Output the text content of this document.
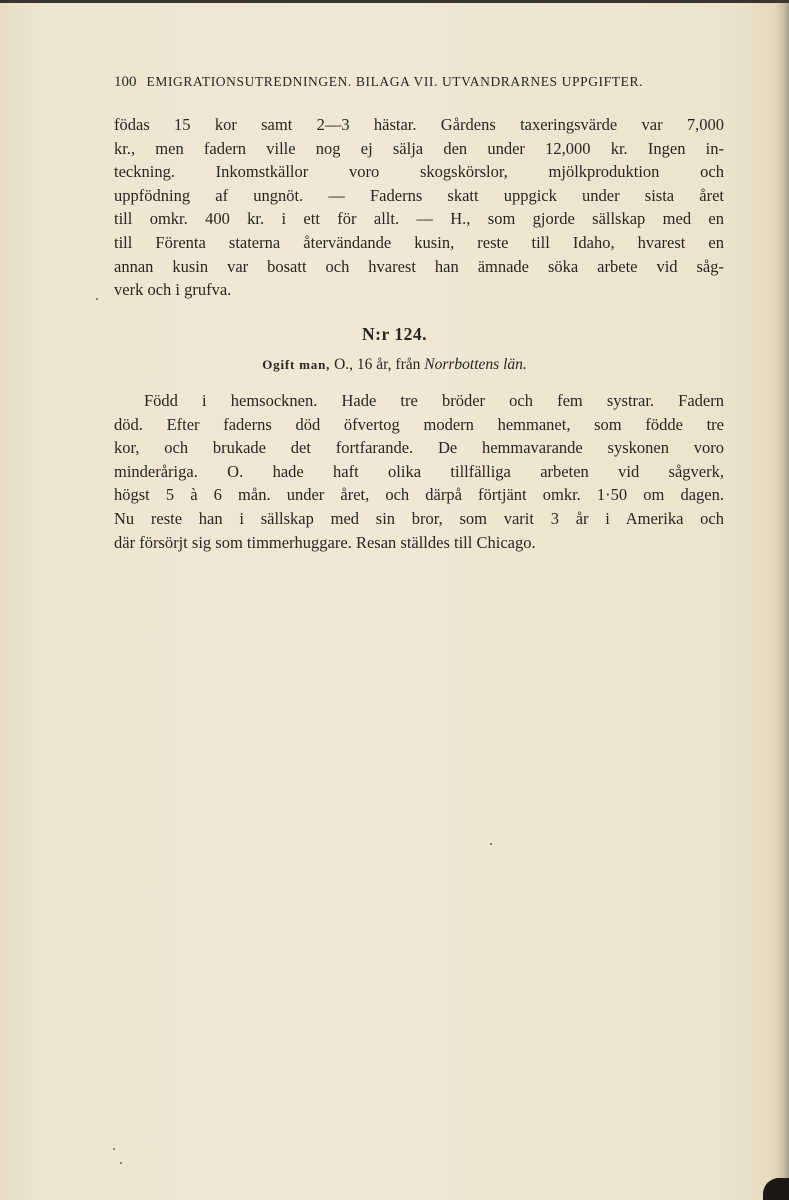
100 EMIGRATIONSUTREDNINGEN. BILAGA VII. UTVANDRARNES UPPGIFTER.
födas 15 kor samt 2—3 hästar. Gårdens taxeringsvärde var 7,000
kr., men fadern ville nog ej sälja den under 12,000 kr. Ingen in-
teckning. Inkomstkällor voro skogskörslor, mjölkproduktion och
uppfödning af ungnöt. — Faderns skatt uppgick under sista året
till omkr. 400 kr. i ett för allt. — H., som gjorde sällskap med en
till Förenta staterna återvändande kusin, reste till Idaho, hvarest en
annan kusin var bosatt och hvarest han ämnade söka arbete vid såg-
verk och i grufva.
N:r 124.
Ogift man, O., 16 år, från Norrbottens län.
Född i hemsocknen. Hade tre bröder och fem systrar. Fadern
död. Efter faderns död öfvertog modern hemmanet, som födde tre
kor, och brukade det fortfarande. De hemmavarande syskonen voro
minderåriga. O. hade haft olika tillfälliga arbeten vid sågverk,
högst 5 à 6 mån. under året, och därpå förtjänt omkr. 1·50 om dagen.
Nu reste han i sällskap med sin bror, som varit 3 år i Amerika och
där försörjt sig som timmerhuggare. Resan ställdes till Chicago.
